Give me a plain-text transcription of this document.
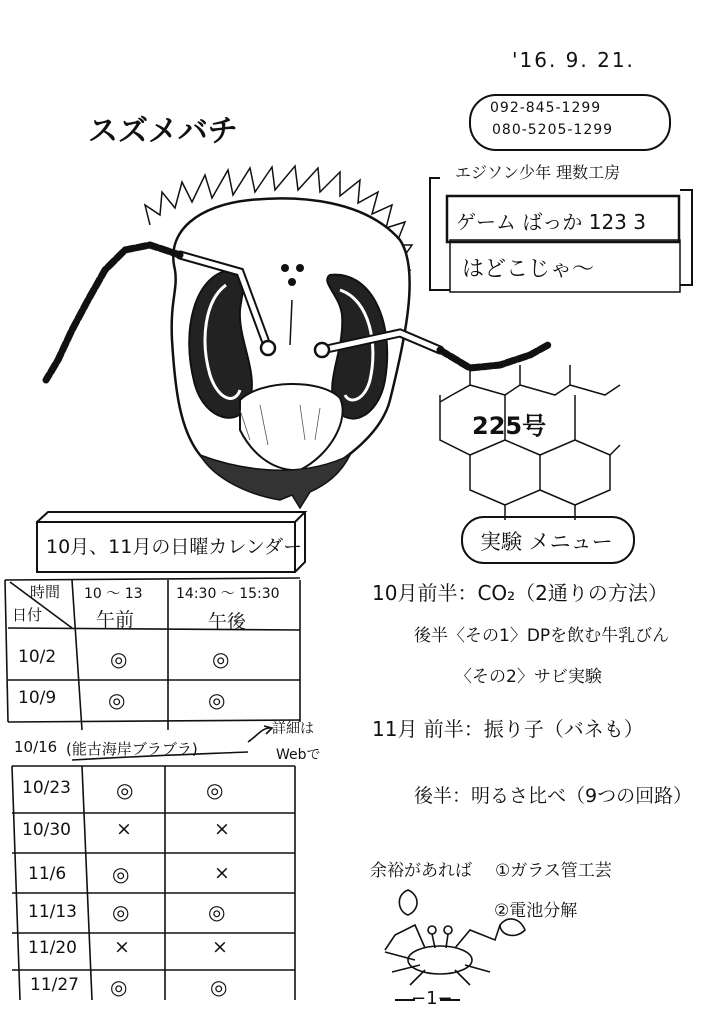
'16. 9. 21.
スズメバチ
092-845-1299
080-5205-1299
エジソン少年 理数工房
ゲーム ばっか 123 3
はどこじゃ〜
225号
10月、11月の日曜カレンダー
時間
日付
10 〜 13 14:30 〜 15:30
午前	午後
10/2	◎	◎
10/9	◎	◎
10/16 (能古海岸ブラブラ)
詳細は
Webで
10/23 ◎	◎
10/30 ×	×
11/6 ◎	×
11/13 ◎	◎
11/20 ×	×
11/27 ◎	◎
実験 メニュー
10月前半：CO₂（2通りの方法）
後半〈その1〉DPを飲む牛乳びん
〈その2〉サビ実験
11月 前半：振り子（バネも）
後半：明るさ比べ（9つの回路）
余裕があれば ①ガラス管工芸
②電池分解
−1−
